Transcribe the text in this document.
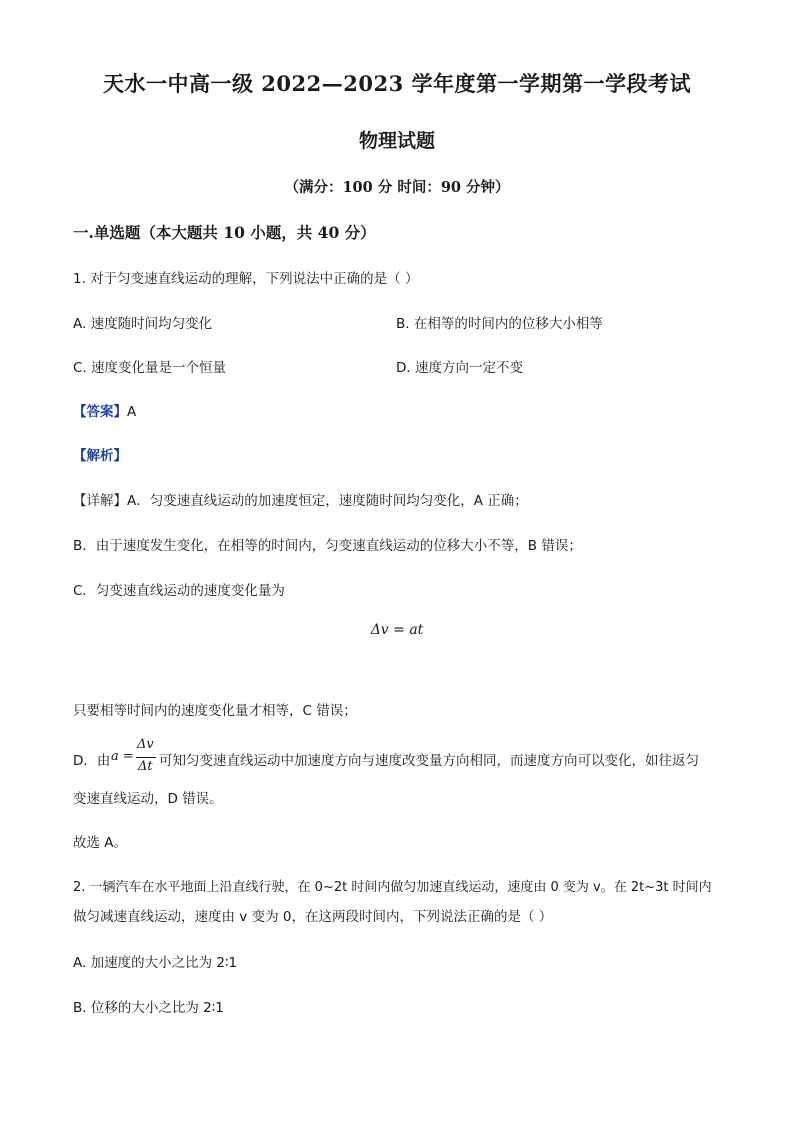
天水一中高一级 2022—2023 学年度第一学期第一学段考试
物理试题
（满分：100 分 时间：90 分钟）
一.单选题（本大题共 10 小题，共 40 分）
1. 对于匀变速直线运动的理解，下列说法中正确的是（ ）
A. 速度随时间均匀变化	B. 在相等的时间内的位移大小相等
C. 速度变化量是一个恒量	D. 速度方向一定不变
【答案】A
【解析】
【详解】A．匀变速直线运动的加速度恒定，速度随时间均匀变化，A 正确；
B．由于速度发生变化，在相等的时间内，匀变速直线运动的位移大小不等，B 错误；
C．匀变速直线运动的速度变化量为
Δv = at
只要相等时间内的速度变化量才相等，C 错误；
D．由 a =
Δv
Δt 可知匀变速直线运动中加速度方向与速度改变量方向相同，而速度方向可以变化，如往返匀
变速直线运动，D 错误。
故选 A。
2. 一辆汽车在水平地面上沿直线行驶，在 0~2t 时间内做匀加速直线运动，速度由 0 变为 v。在 2t~3t 时间内
做匀减速直线运动，速度由 v 变为 0，在这两段时间内，下列说法正确的是（ ）
A. 加速度的大小之比为 2∶1
B. 位移的大小之比为 2∶1
